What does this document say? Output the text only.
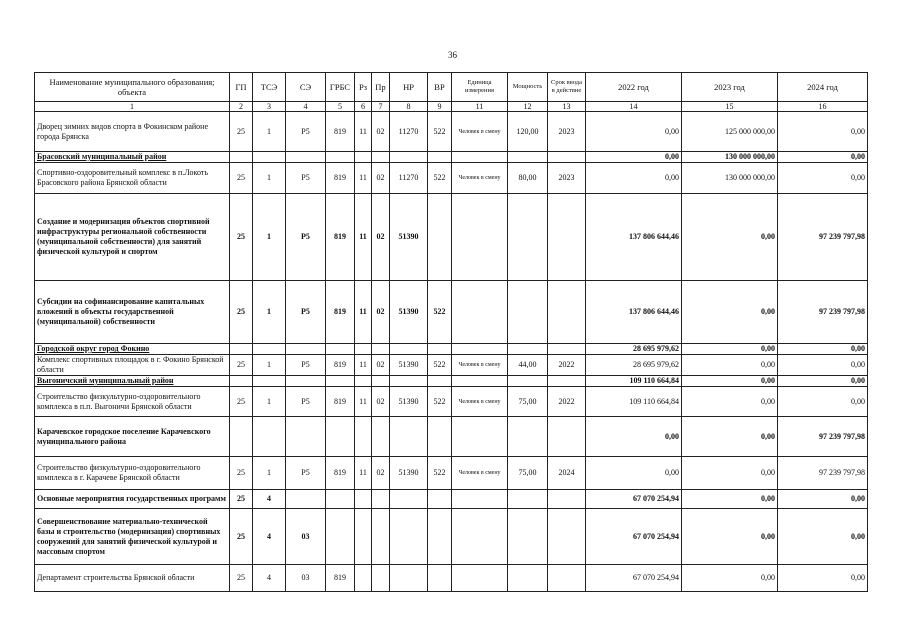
36
Наименование муниципального образования; объекта	ГП	ТСЭ	СЭ	ГРБС	Рз	Пр	НР	ВР	Единица измерения	Мощность	Срок ввода в действие	2022 год	2023 год	2024 год
1	2	3	4	5	6	7	8	9	11	12	13	14	15	16
Дворец зимних видов спорта в Фокинском районе города Брянска	25	1	Р5	819	11	02	11270	522	Человек в смену	120,00	2023	0,00	125 000 000,00	0,00
Брасовский муниципальный район												0,00	130 000 000,00	0,00
Спортивно-оздоровительный комплекс в п.Локоть Брасовского района Брянской области	25	1	Р5	819	11	02	11270	522	Человек в смену	80,00	2023	0,00	130 000 000,00	0,00
Создание и модернизация объектов спортивной инфраструктуры региональной собственности (муниципальной собственности) для занятий физической культурой и спортом	25	1	Р5	819	11	02	51390					137 806 644,46	0,00	97 239 797,98
Субсидии на софинансирование капитальных вложений в объекты государственной (муниципальной) собственности	25	1	Р5	819	11	02	51390	522				137 806 644,46	0,00	97 239 797,98
Городской округ город Фокино												28 695 979,62	0,00	0,00
Комплекс спортивных площадок в г. Фокино Брянской области	25	1	Р5	819	11	02	51390	522	Человек в смену	44,00	2022	28 695 979,62	0,00	0,00
Выгоничский муниципальный район												109 110 664,84	0,00	0,00
Строительство физкультурно-оздоровительного комплекса в п.п. Выгоничи Брянской области	25	1	Р5	819	11	02	51390	522	Человек в смену	75,00	2022	109 110 664,84	0,00	0,00
Карачевское городское поселение Карачевского муниципального района												0,00	0,00	97 239 797,98
Строительство физкультурно-оздоровительного комплекса в г. Карачеве Брянской области	25	1	Р5	819	11	02	51390	522	Человек в смену	75,00	2024	0,00	0,00	97 239 797,98
Основные мероприятия государственных программ	25	4										67 070 254,94	0,00	0,00
Совершенствование материально-технической базы и строительство (модернизация) спортивных сооружений для занятий физической культурой и массовым спортом	25	4	03									67 070 254,94	0,00	0,00
Департамент строительства Брянской области	25	4	03	819								67 070 254,94	0,00	0,00
